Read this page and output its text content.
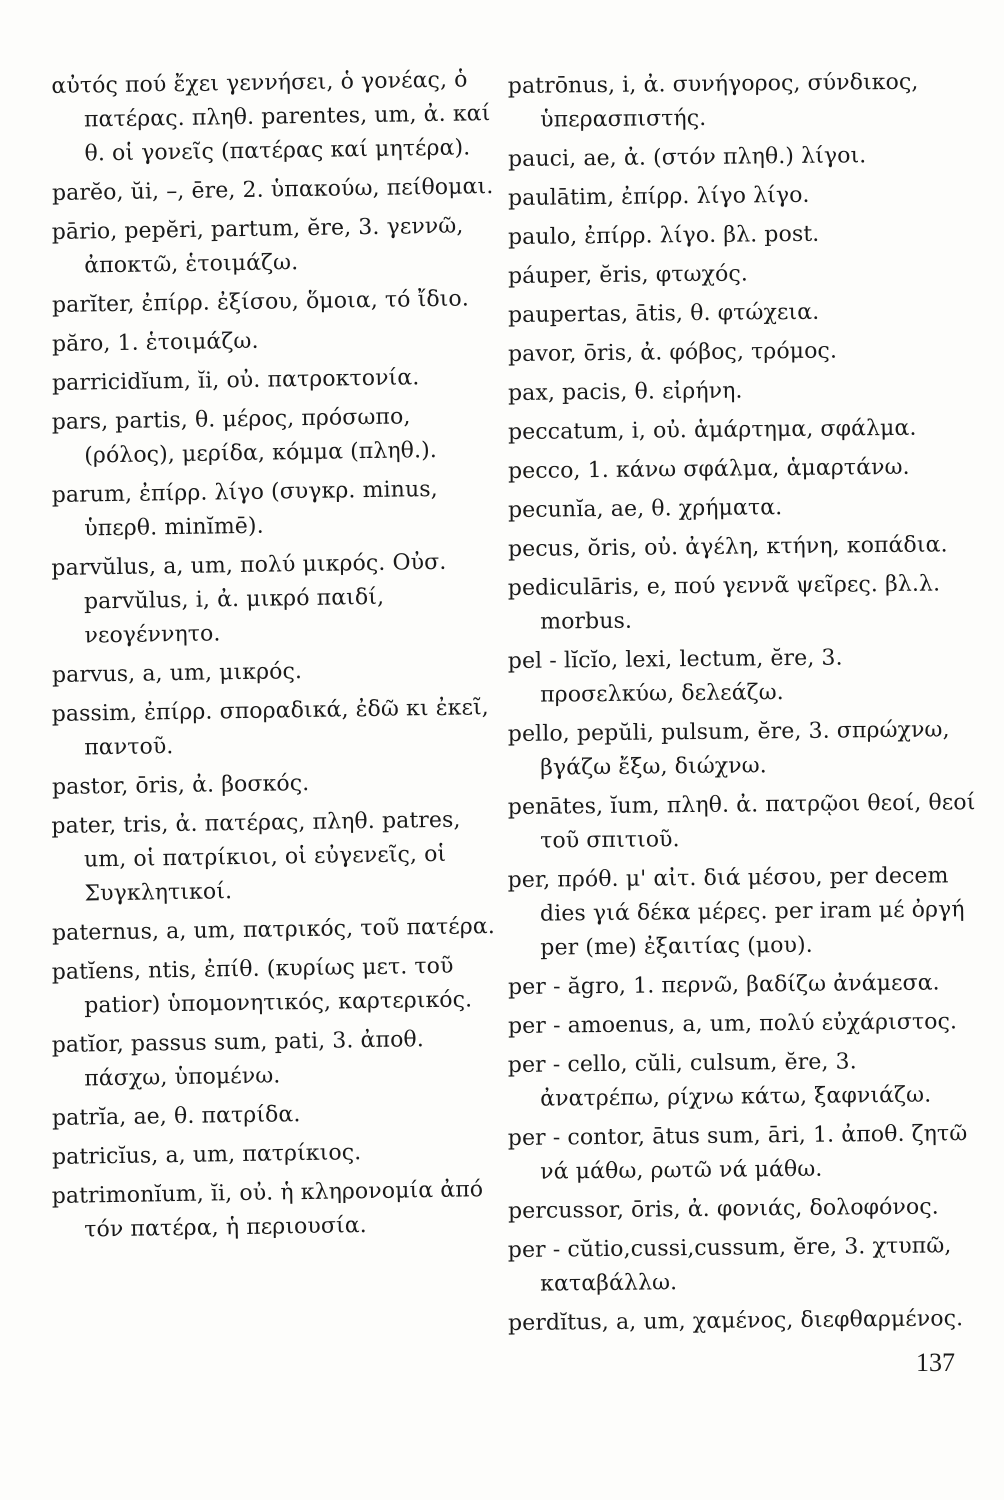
αὐτός πού ἔχει γεννήσει, ὁ γονέας, ὁ πατέρας. πληθ. parentes, um, ἀ. καί θ. οἱ γονεῖς (πατέρας καί μητέρα).

parĕo, ŭi, –, ēre, 2. ὑπακούω, πείθομαι.

pārio, pepĕri, partum, ĕre, 3. γεννῶ, ἀποκτῶ, ἑτοιμάζω.

parĭter, ἐπίρρ. ἐξίσου, ὅμοια, τό ἴδιο.

păro, 1. ἑτοιμάζω.

parricidĭum, ĭi, οὐ. πατροκτονία.

pars, partis, θ. μέρος, πρόσωπο, (ρόλος), μερίδα, κόμμα (πληθ.).

parum, ἐπίρρ. λίγο (συγκρ. minus, ὑπερθ. minĭmē).

parvŭlus, a, um, πολύ μικρός. Οὐσ. parvŭlus, i, ἀ. μικρό παιδί, νεογέννητο.

parvus, a, um, μικρός.

passim, ἐπίρρ. σποραδικά, ἐδῶ κι ἐκεῖ, παντοῦ.

pastor, ōris, ἀ. βοσκός.

pater, tris, ἀ. πατέρας, πληθ. patres, um, οἱ πατρίκιοι, οἱ εὐγενεῖς, οἱ Συγκλητικοί.

paternus, a, um, πατρικός, τοῦ πατέρα.

patĭens, ntis, ἐπίθ. (κυρίως μετ. τοῦ patior) ὑπομονητικός, καρτερικός.

patĭor, passus sum, pati, 3. ἀποθ. πάσχω, ὑπομένω.

patrĭa, ae, θ. πατρίδα.

patricĭus, a, um, πατρίκιος.

patrimonĭum, ĭi, οὐ. ἡ κληρονομία ἀπό τόν πατέρα, ἡ περιουσία.

patrōnus, i, ἀ. συνήγορος, σύνδικος, ὑπερασπιστής.

pauci, ae, ἀ. (στόν πληθ.) λίγοι.

paulātim, ἐπίρρ. λίγο λίγο.

paulo, ἐπίρρ. λίγο. βλ. post.

páuper, ĕris, φτωχός.

paupertas, ātis, θ. φτώχεια.

pavor, ōris, ἀ. φόβος, τρόμος.

pax, pacis, θ. εἰρήνη.

peccatum, i, οὐ. ἁμάρτημα, σφάλμα.

pecco, 1. κάνω σφάλμα, ἁμαρτάνω.

pecunĭa, ae, θ. χρήματα.

pecus, ŏris, οὐ. ἀγέλη, κτήνη, κοπάδια.

pediculāris, e, πού γεννᾶ ψεῖρες. βλ.λ. morbus.

pel - lĭcĭo, lexi, lectum, ĕre, 3. προσελκύω, δελεάζω.

pello, pepŭli, pulsum, ĕre, 3. σπρώχνω, βγάζω ἔξω, διώχνω.

penātes, ĭum, πληθ. ἀ. πατρῷοι θεοί, θεοί τοῦ σπιτιοῦ.

per, πρόθ. μ' αἰτ. διά μέσου, per decem dies γιά δέκα μέρες. per iram μέ ὀργή per (me) ἐξαιτίας (μου).

per - ăgro, 1. περνῶ, βαδίζω ἀνάμεσα.

per - amoenus, a, um, πολύ εὐχάριστος.

per - cello, cŭli, culsum, ĕre, 3. ἀνατρέπω, ρίχνω κάτω, ξαφνιάζω.

per - contor, ātus sum, āri, 1. ἀποθ. ζητῶ νά μάθω, ρωτῶ νά μάθω.

percussor, ōris, ἀ. φονιάς, δολοφόνος.

per - cŭtio,cussi,cussum, ĕre, 3. χτυπῶ, καταβάλλω.

perdĭtus, a, um, χαμένος, διεφθαρμένος.

137
